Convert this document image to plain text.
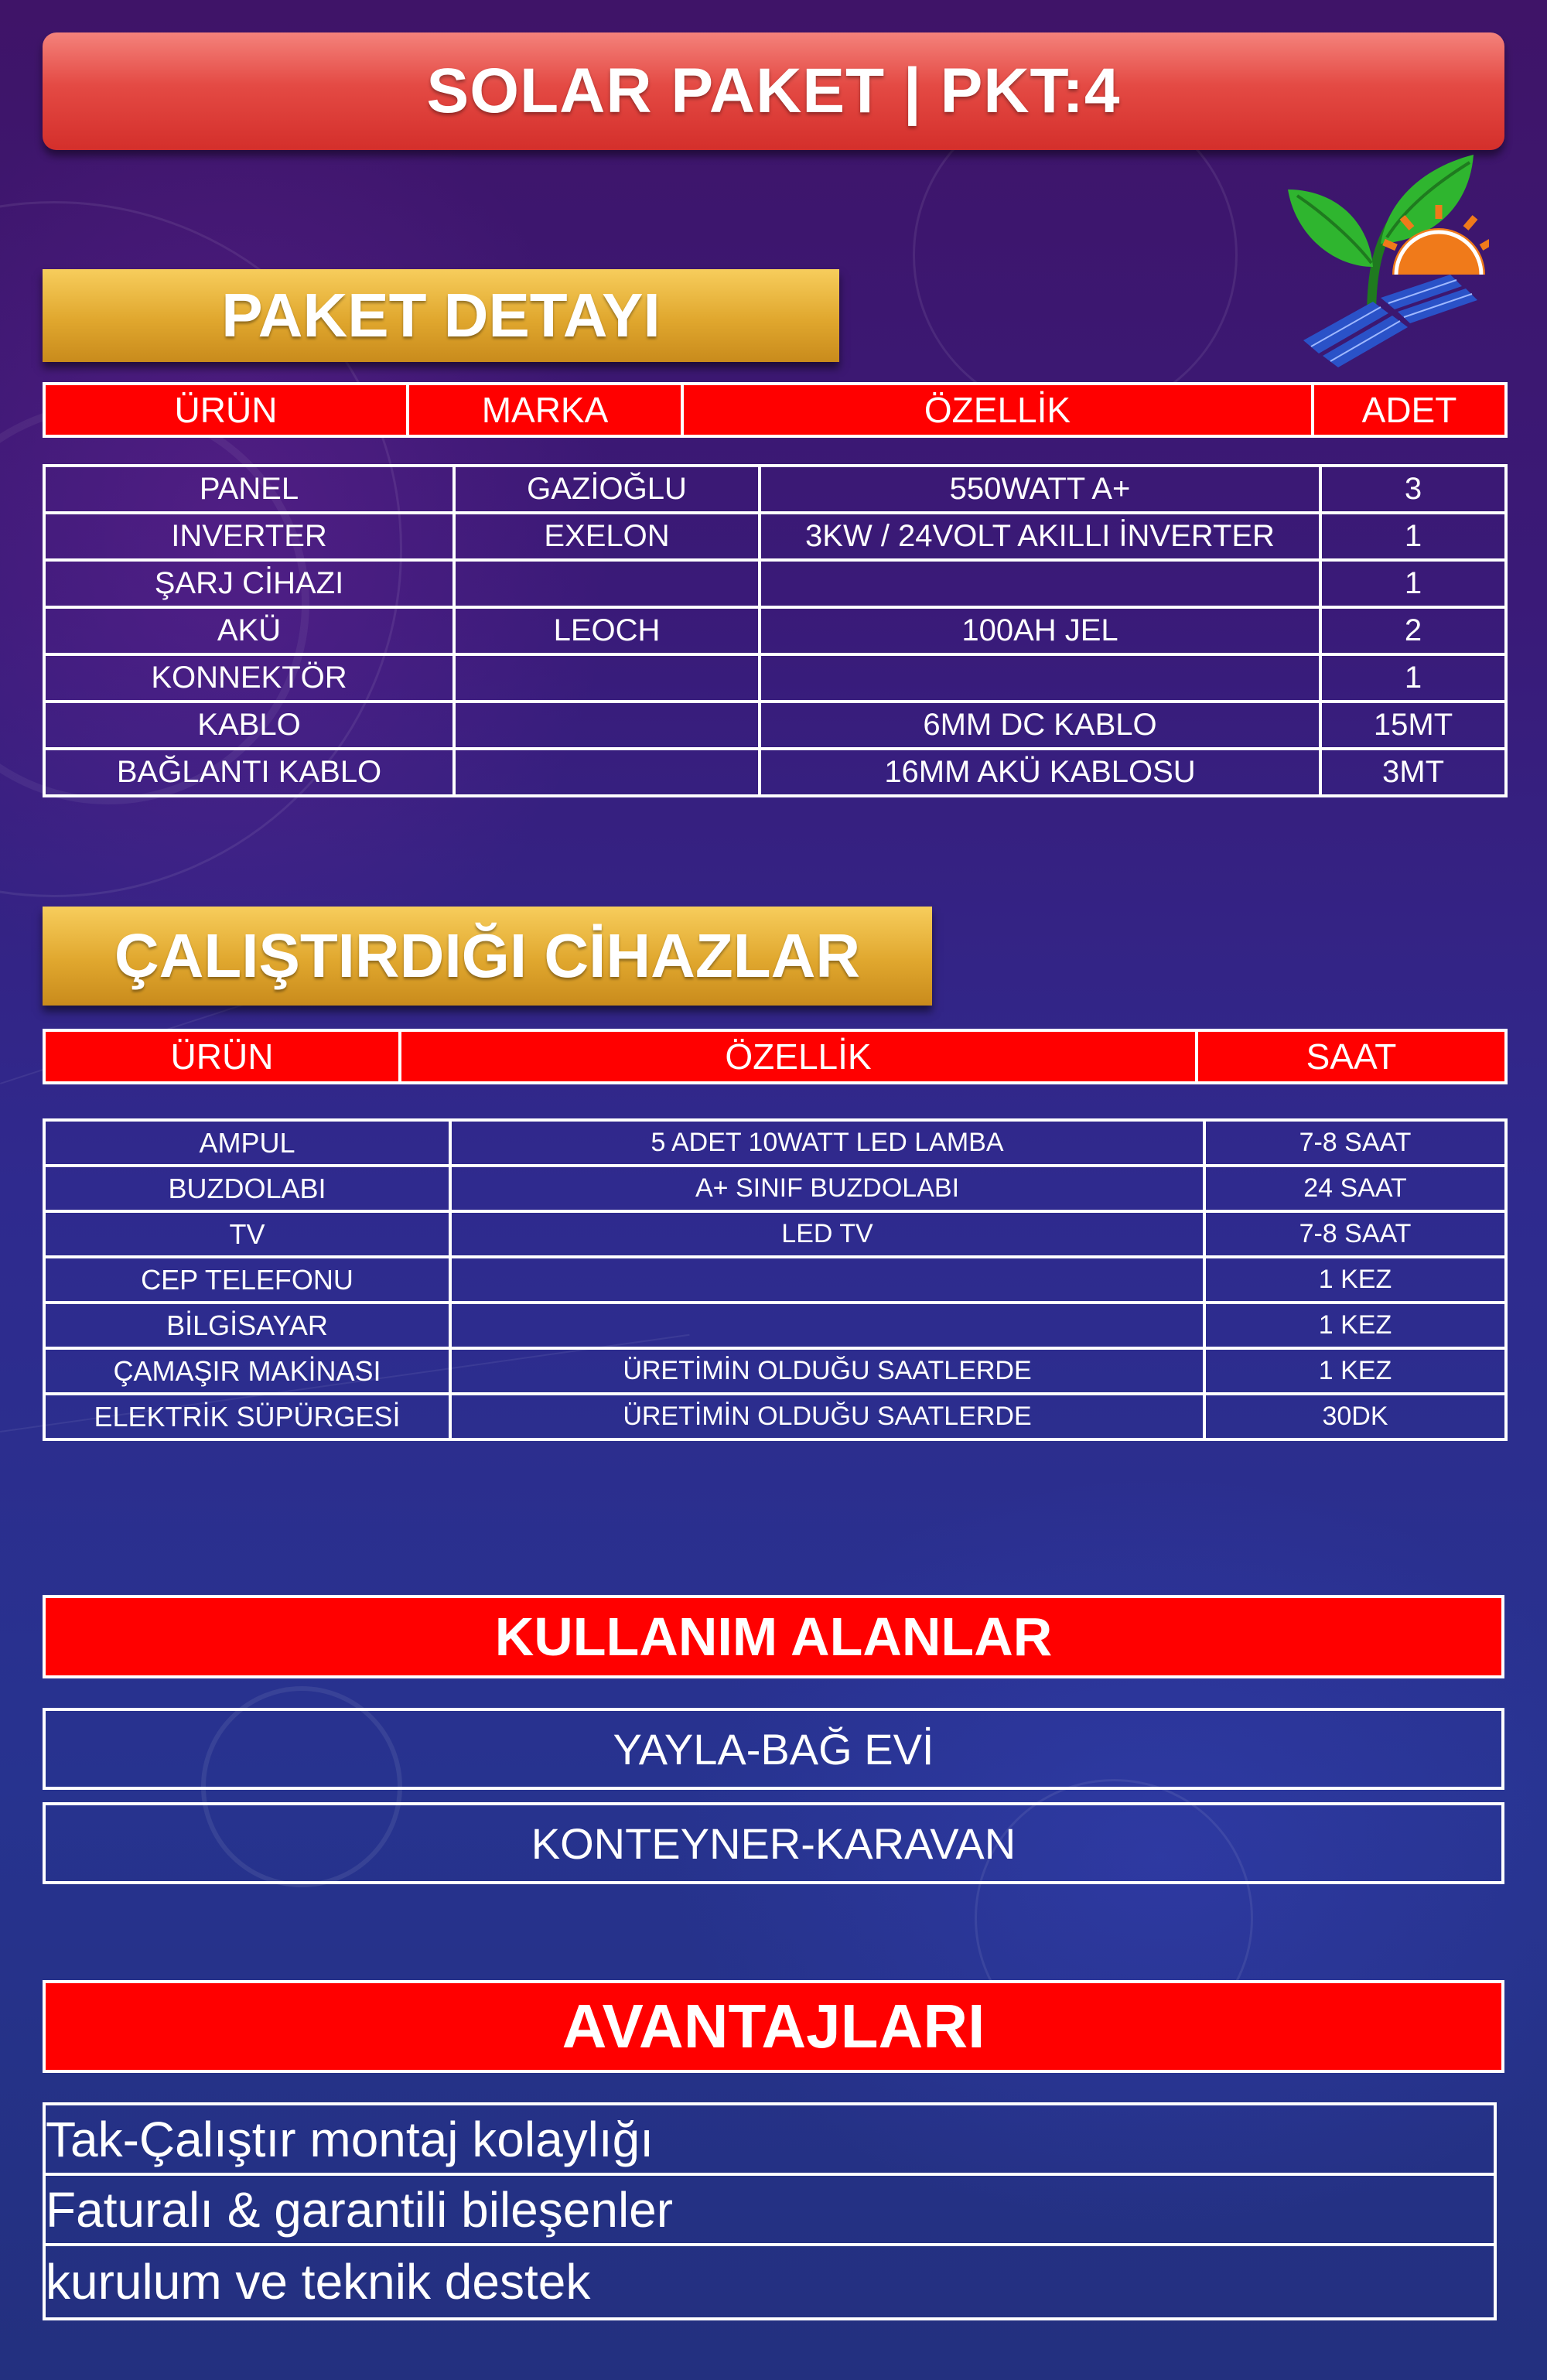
SOLAR PAKET | PKT:4
PAKET DETAYI
ÜRÜN	MARKA	ÖZELLİK	ADET
PANEL	GAZİOĞLU	550WATT A+	3
INVERTER	EXELON	3KW / 24VOLT AKILLI İNVERTER	1
ŞARJ CİHAZI			1
AKÜ	LEOCH	100AH JEL	2
KONNEKTÖR			1
KABLO		6MM DC KABLO	15MT
BAĞLANTI KABLO		16MM AKÜ KABLOSU	3MT
ÇALIŞTIRDIĞI CİHAZLAR
ÜRÜN	ÖZELLİK	SAAT
AMPUL	5 ADET 10WATT LED LAMBA	7-8 SAAT
BUZDOLABI	A+ SINIF BUZDOLABI	24 SAAT
TV	LED TV	7-8 SAAT
CEP TELEFONU		1 KEZ
BİLGİSAYAR		1 KEZ
ÇAMAŞIR MAKİNASI	ÜRETİMİN OLDUĞU SAATLERDE	1 KEZ
ELEKTRİK SÜPÜRGESİ	ÜRETİMİN OLDUĞU SAATLERDE	30DK
KULLANIM ALANLAR
YAYLA-BAĞ EVİ
KONTEYNER-KARAVAN
AVANTAJLARI
Tak-Çalıştır montaj kolaylığı
Faturalı & garantili bileşenler
kurulum ve teknik destek
